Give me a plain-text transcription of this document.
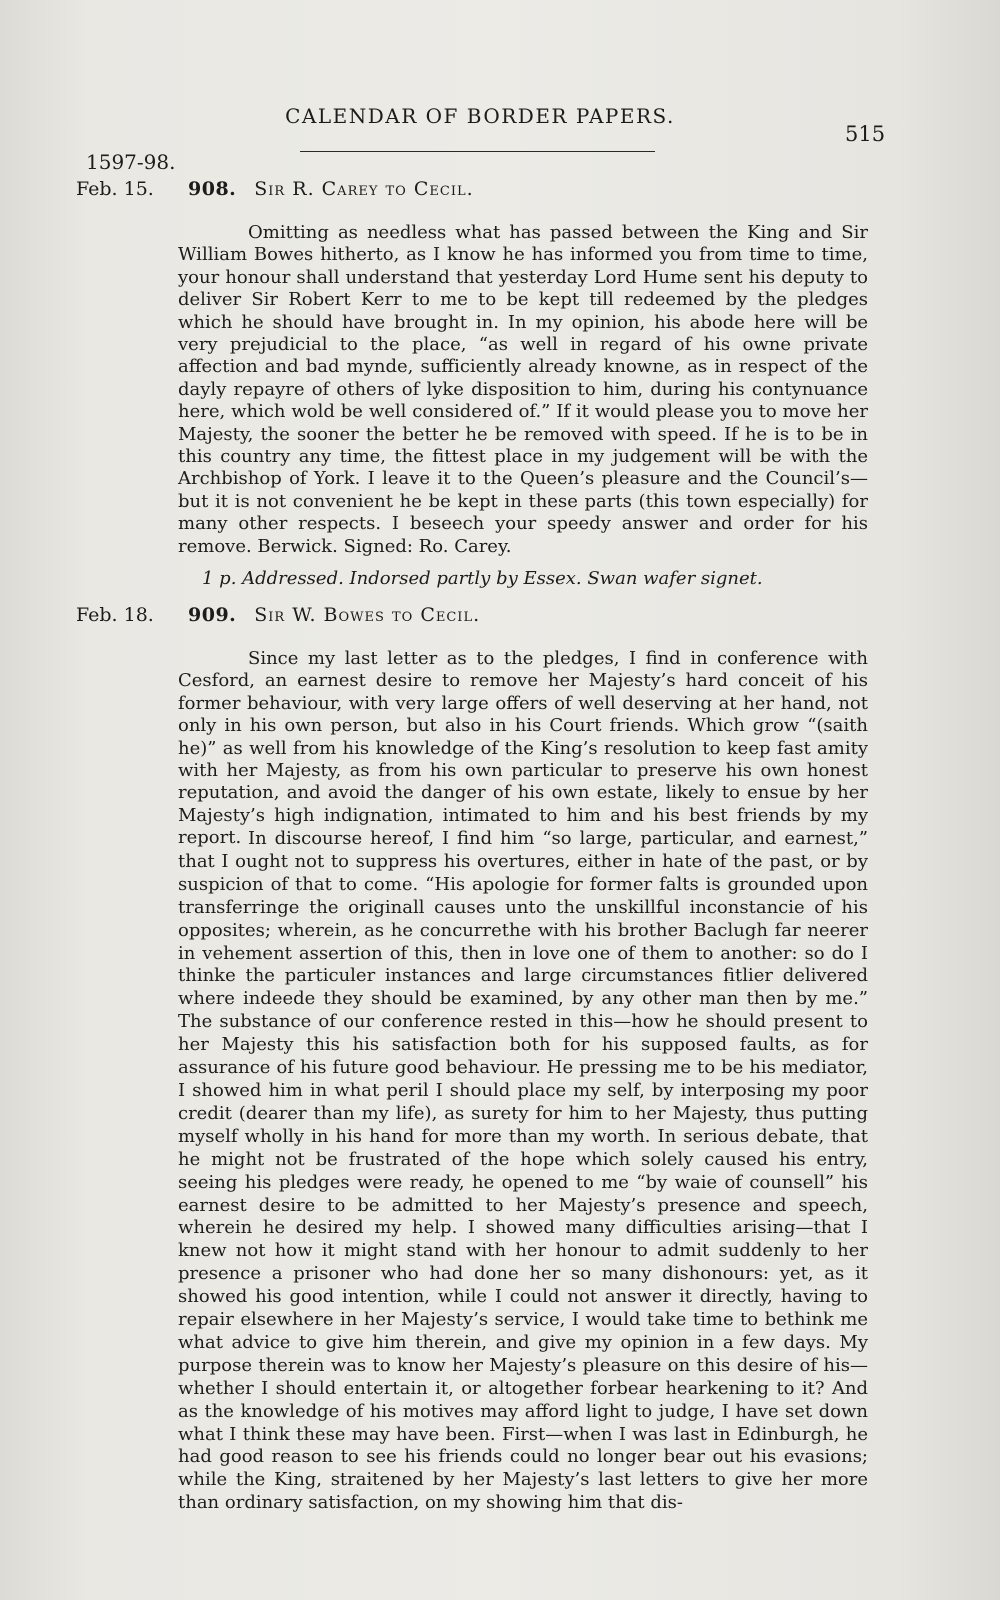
CALENDAR OF BORDER PAPERS.
515
1597-98.
Feb. 15. 908. Sir R. Carey to Cecil.

Omitting as needless what has passed between the King and Sir William Bowes hitherto, as I know he has informed you from time to time, your honour shall understand that yesterday Lord Hume sent his deputy to deliver Sir Robert Kerr to me to be kept till redeemed by the pledges which he should have brought in. In my opinion, his abode here will be very prejudicial to the place, “as well in regard of his owne private affection and bad mynde, sufficiently already knowne, as in respect of the dayly repayre of others of lyke disposition to him, during his contynuance here, which wold be well considered of.” If it would please you to move her Majesty, the sooner the better he be removed with speed. If he is to be in this country any time, the fittest place in my judgement will be with the Archbishop of York. I leave it to the Queen’s pleasure and the Council’s—but it is not convenient he be kept in these parts (this town especially) for many other respects. I beseech your speedy answer and order for his remove. Berwick. Signed: Ro. Carey.

1 p. Addressed. Indorsed partly by Essex. Swan wafer signet.
Feb. 18. 909. Sir W. Bowes to Cecil.

Since my last letter as to the pledges, I find in conference with Cesford, an earnest desire to remove her Majesty’s hard conceit of his former behaviour, with very large offers of well deserving at her hand, not only in his own person, but also in his Court friends. Which grow “(saith he)” as well from his knowledge of the King’s resolution to keep fast amity with her Majesty, as from his own particular to preserve his own honest reputation, and avoid the danger of his own estate, likely to ensue by her Majesty’s high indignation, intimated to him and his best friends by my report. In discourse hereof, I find him “so large, particular, and earnest,” that I ought not to suppress his overtures, either in hate of the past, or by suspicion of that to come. “His apologie for former falts is grounded upon transferringe the originall causes unto the unskillful inconstancie of his opposites; wherein, as he concurrethe with his brother Baclugh far neerer in vehement assertion of this, then in love one of them to another: so do I thinke the particuler instances and large circumstances fitlier delivered where indeede they should be examined, by any other man then by me.” The substance of our conference rested in this—how he should present to her Majesty this his satisfaction both for his supposed faults, as for assurance of his future good behaviour. He pressing me to be his mediator, I showed him in what peril I should place my self, by interposing my poor credit (dearer than my life), as surety for him to her Majesty, thus putting myself wholly in his hand for more than my worth. In serious debate, that he might not be frustrated of the hope which solely caused his entry, seeing his pledges were ready, he opened to me “by waie of counsell” his earnest desire to be admitted to her Majesty’s presence and speech, wherein he desired my help. I showed many difficulties arising—that I knew not how it might stand with her honour to admit suddenly to her presence a prisoner who had done her so many dishonours: yet, as it showed his good intention, while I could not answer it directly, having to repair elsewhere in her Majesty’s service, I would take time to bethink me what advice to give him therein, and give my opinion in a few days. My purpose therein was to know her Majesty’s pleasure on this desire of his—whether I should entertain it, or altogether forbear hearkening to it? And as the knowledge of his motives may afford light to judge, I have set down what I think these may have been. First—when I was last in Edinburgh, he had good reason to see his friends could no longer bear out his evasions; while the King, straitened by her Majesty’s last letters to give her more than ordinary satisfaction, on my showing him that dis-
